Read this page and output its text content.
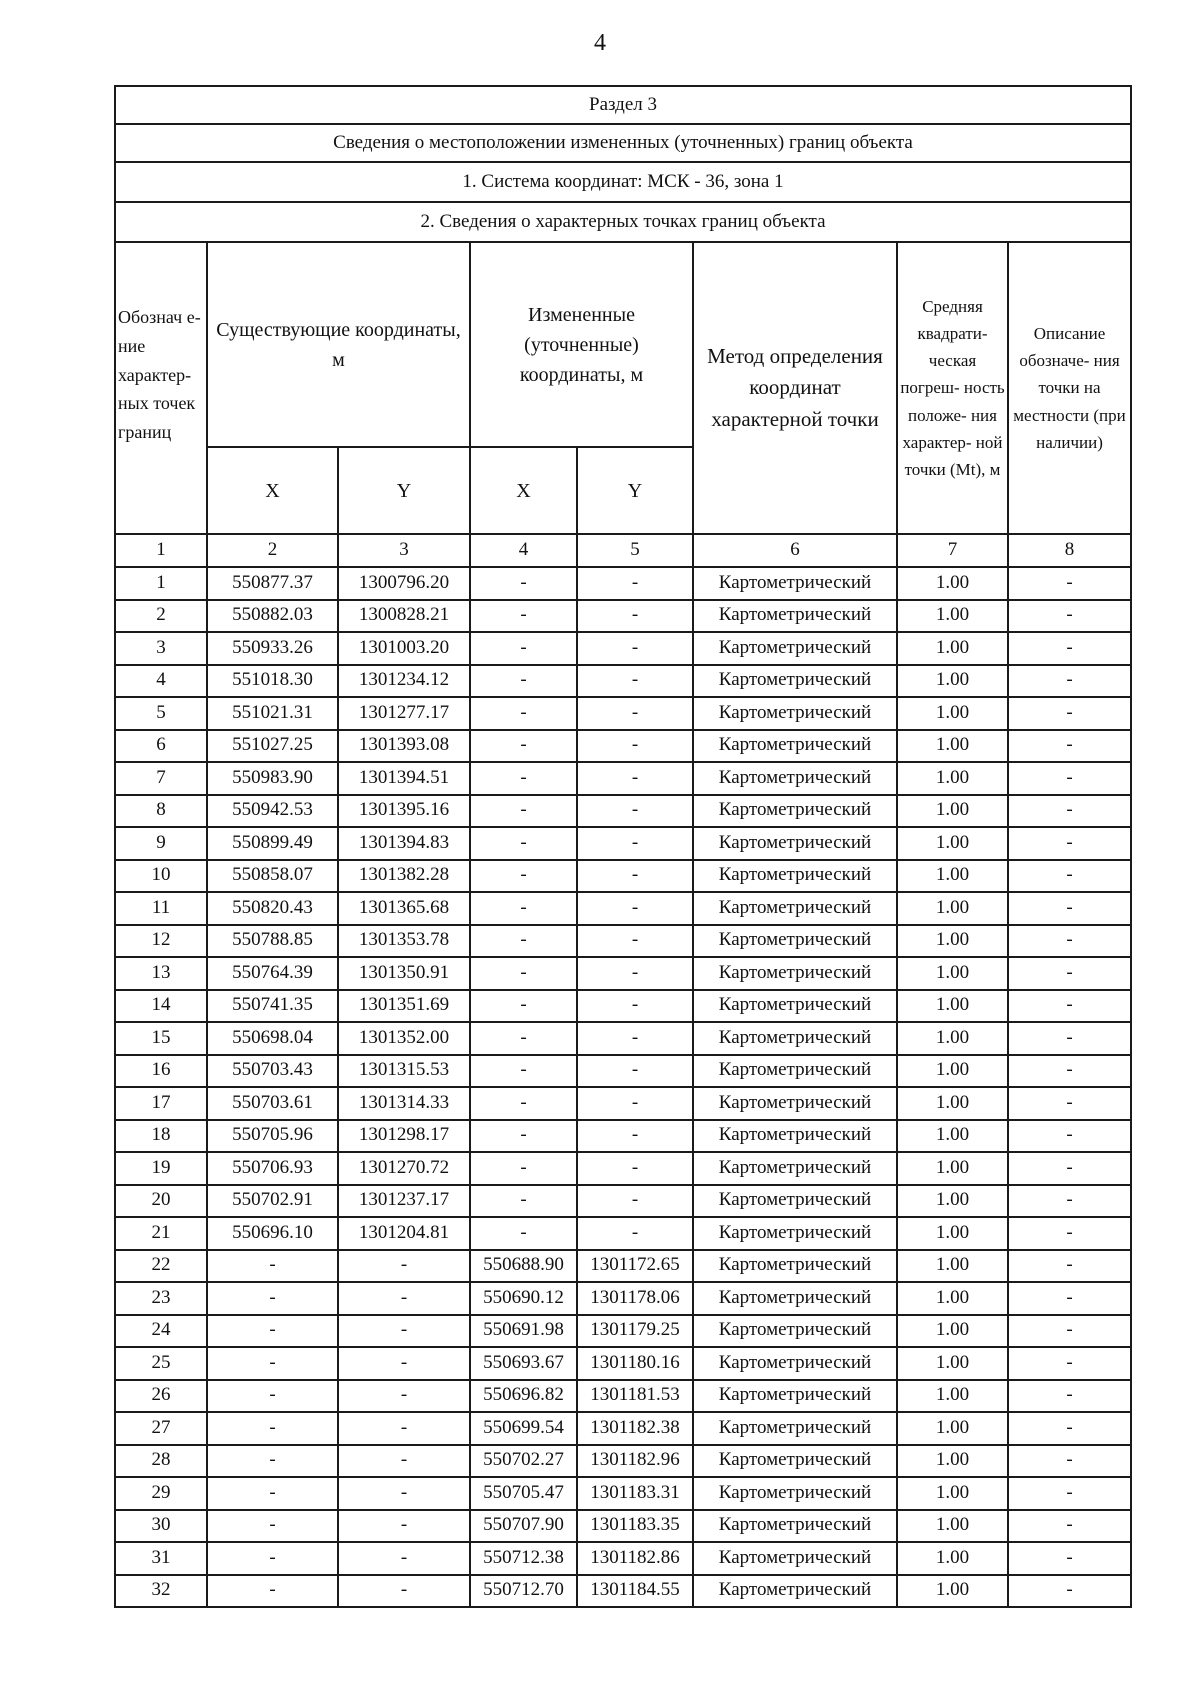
4
Раздел 3							
Сведения о местоположении измененных (уточненных) границ объекта							
1. Система координат: МСК - 36, зона 1							
2. Сведения о характерных точках границ объекта							
Обознач е-ние характер- ных точек границ	Существующие координаты, м		Измененные (уточненные) координаты, м		Метод определения координат характерной точки	Средняя квадрати- ческая погреш- ность положе- ния характер- ной точки (Mt), м	Описание обозначе- ния точки на местности (при наличии)
	X	Y	X	Y			
1	2	3	4	5	6	7	8
1	550877.37	1300796.20	-	-	Картометрический	1.00	-
2	550882.03	1300828.21	-	-	Картометрический	1.00	-
3	550933.26	1301003.20	-	-	Картометрический	1.00	-
4	551018.30	1301234.12	-	-	Картометрический	1.00	-
5	551021.31	1301277.17	-	-	Картометрический	1.00	-
6	551027.25	1301393.08	-	-	Картометрический	1.00	-
7	550983.90	1301394.51	-	-	Картометрический	1.00	-
8	550942.53	1301395.16	-	-	Картометрический	1.00	-
9	550899.49	1301394.83	-	-	Картометрический	1.00	-
10	550858.07	1301382.28	-	-	Картометрический	1.00	-
11	550820.43	1301365.68	-	-	Картометрический	1.00	-
12	550788.85	1301353.78	-	-	Картометрический	1.00	-
13	550764.39	1301350.91	-	-	Картометрический	1.00	-
14	550741.35	1301351.69	-	-	Картометрический	1.00	-
15	550698.04	1301352.00	-	-	Картометрический	1.00	-
16	550703.43	1301315.53	-	-	Картометрический	1.00	-
17	550703.61	1301314.33	-	-	Картометрический	1.00	-
18	550705.96	1301298.17	-	-	Картометрический	1.00	-
19	550706.93	1301270.72	-	-	Картометрический	1.00	-
20	550702.91	1301237.17	-	-	Картометрический	1.00	-
21	550696.10	1301204.81	-	-	Картометрический	1.00	-
22	-	-	550688.90	1301172.65	Картометрический	1.00	-
23	-	-	550690.12	1301178.06	Картометрический	1.00	-
24	-	-	550691.98	1301179.25	Картометрический	1.00	-
25	-	-	550693.67	1301180.16	Картометрический	1.00	-
26	-	-	550696.82	1301181.53	Картометрический	1.00	-
27	-	-	550699.54	1301182.38	Картометрический	1.00	-
28	-	-	550702.27	1301182.96	Картометрический	1.00	-
29	-	-	550705.47	1301183.31	Картометрический	1.00	-
30	-	-	550707.90	1301183.35	Картометрический	1.00	-
31	-	-	550712.38	1301182.86	Картометрический	1.00	-
32	-	-	550712.70	1301184.55	Картометрический	1.00	-
